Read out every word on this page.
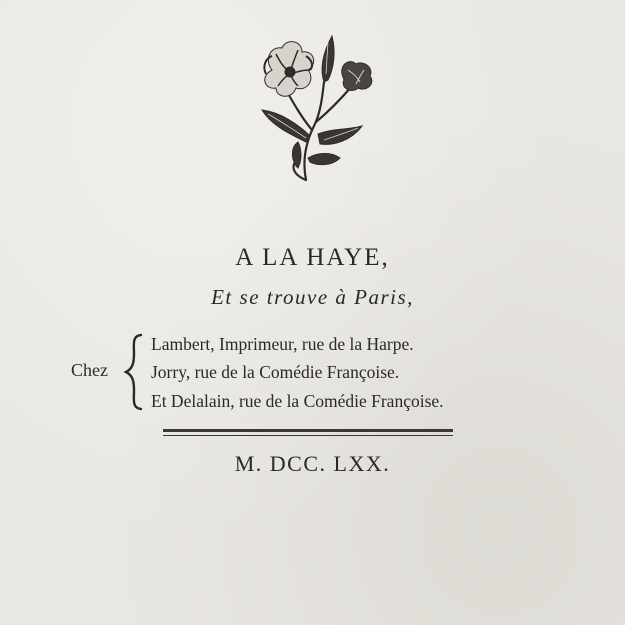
A LA HAYE,
Et se trouve à Paris,
Chez
Lambert, Imprimeur, rue de la Harpe.
Jorry, rue de la Comédie Françoise.
Et Delalain, rue de la Comédie Françoise.
M. DCC. LXX.
